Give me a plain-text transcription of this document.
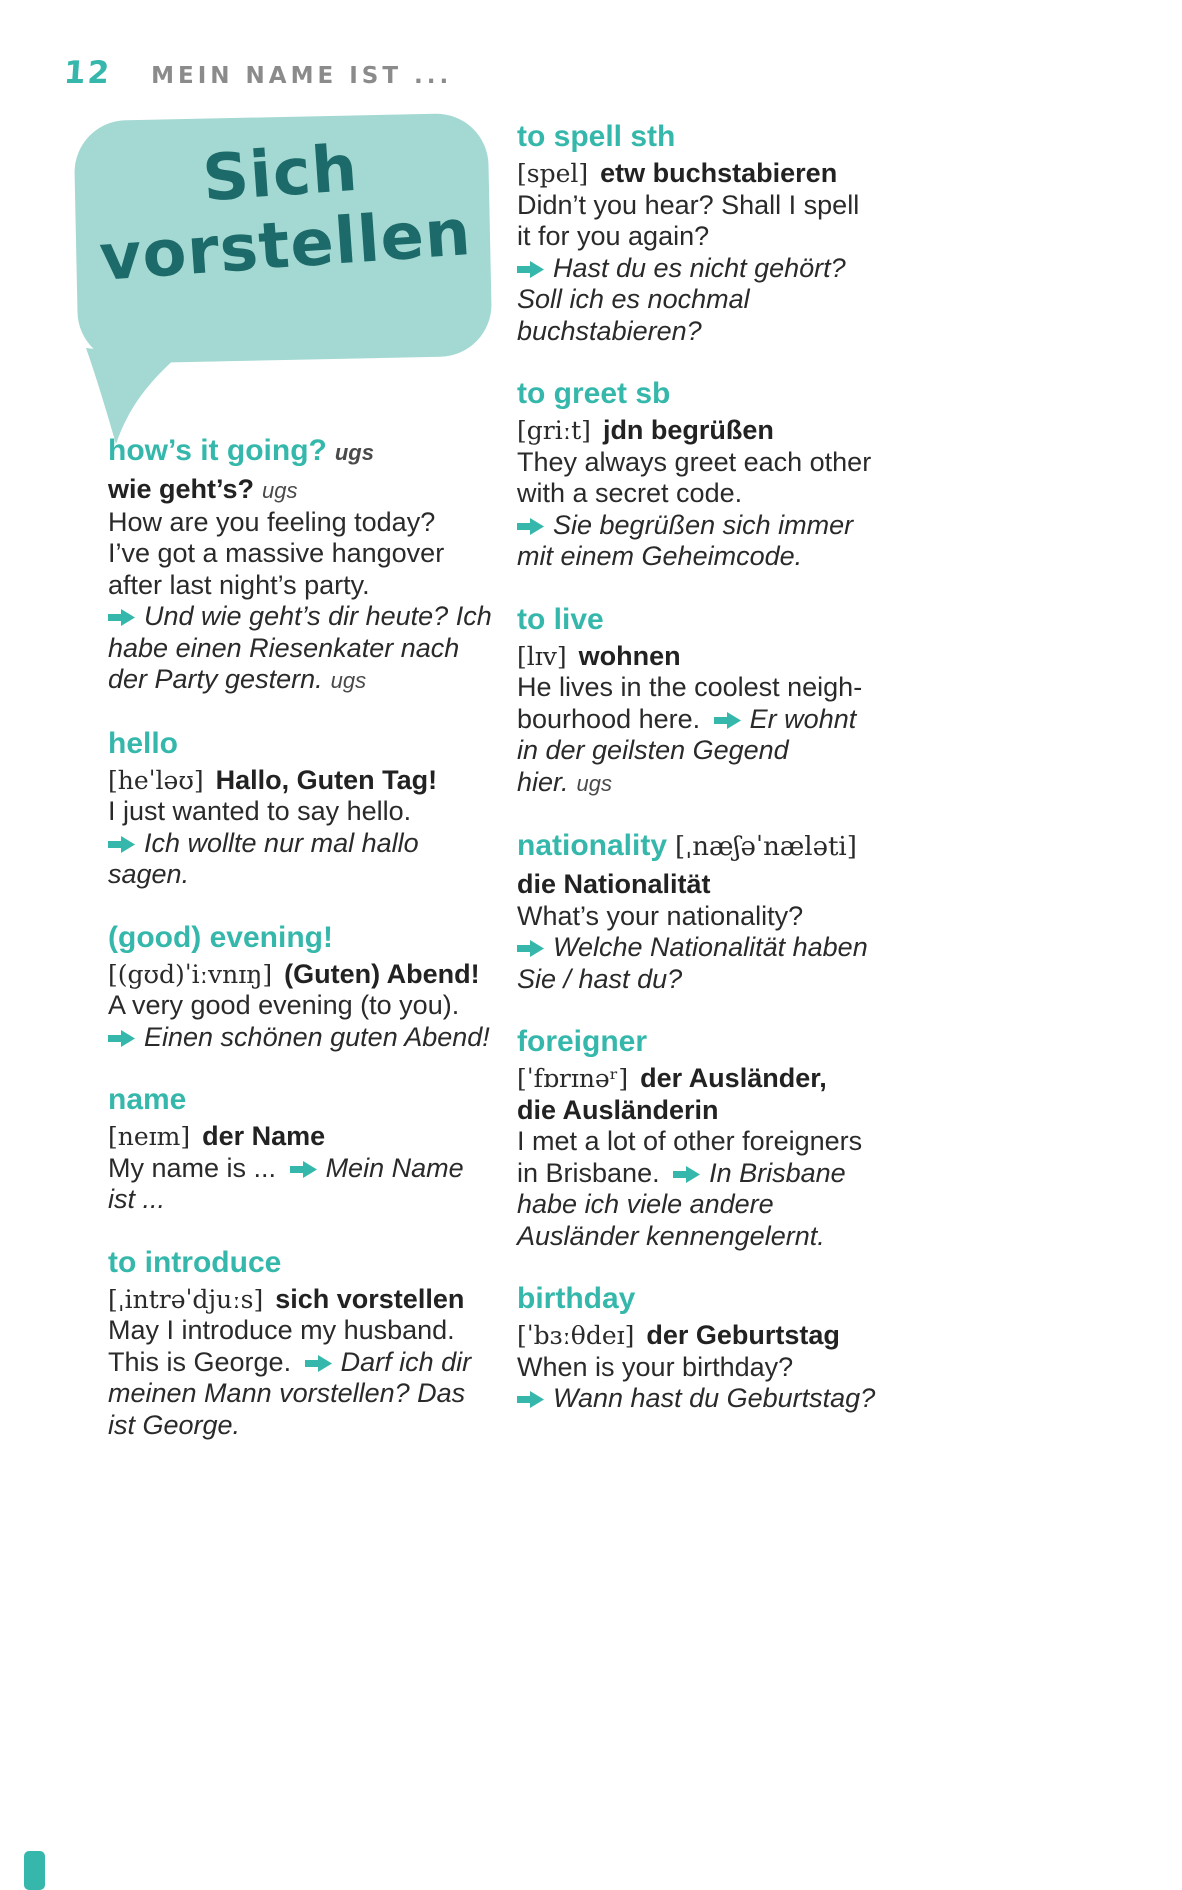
12 MEIN NAME IST ...
Sich
vorstellen
how’s it going? ugs
wie geht’s? ugs
How are you feeling today?
I’ve got a massive hangover
after last night’s party.
Und wie geht’s dir heute? Ich
habe einen Riesenkater nach
der Party gestern. ugs
hello
[heˈləʊ] Hallo, Guten Tag!
I just wanted to say hello.
Ich wollte nur mal hallo
sagen.
(good) evening!
[(gʊd)ˈiːvnɪŋ] (Guten) Abend!
A very good evening (to you).
Einen schönen guten Abend!
name
[neɪm] der Name
My name is ... Mein Name
ist ...
to introduce
[ˌintrəˈdjuːs] sich vorstellen
May I introduce my husband.
This is George. Darf ich dir
meinen Mann vorstellen? Das
ist George.
to spell sth
[spel] etw buchstabieren
Didn’t you hear? Shall I spell
it for you again?
Hast du es nicht gehört?
Soll ich es nochmal
buchstabieren?
to greet sb
[griːt] jdn begrüßen
They always greet each other
with a secret code.
Sie begrüßen sich immer
mit einem Geheimcode.
to live
[lɪv] wohnen
He lives in the coolest neigh-
bourhood here. Er wohnt
in der geilsten Gegend
hier. ugs
nationality [ˌnæʃəˈnæləti]
die Nationalität
What’s your nationality?
Welche Nationalität haben
Sie / hast du?
foreigner
[ˈfɒrɪnəʳ] der Ausländer,
die Ausländerin
I met a lot of other foreigners
in Brisbane. In Brisbane
habe ich viele andere
Ausländer kennengelernt.
birthday
[ˈbɜːθdeɪ] der Geburtstag
When is your birthday?
Wann hast du Geburtstag?
